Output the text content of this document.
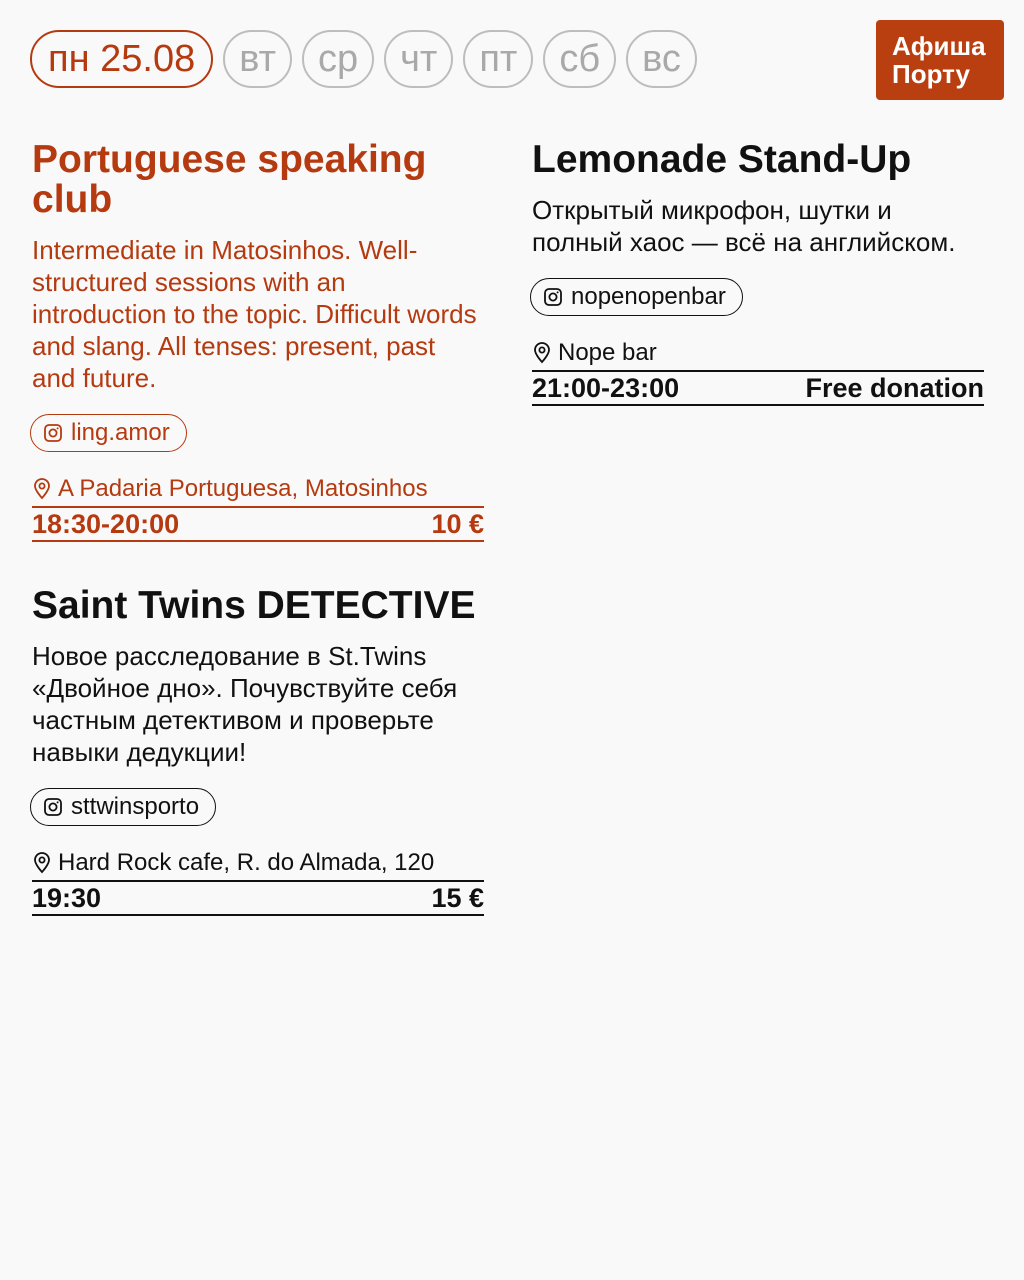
пн 25.08	вт	ср	чт	пт	сб	вс	Афиша
Порту
Portuguese speaking club

Intermediate in Matosinhos. Well-structured sessions with an introduction to the topic. Difficult words and slang. All tenses: present, past and future.

ling.amor
A Padaria Portuguesa, Matosinhos
18:30-20:00	10 €
Lemonade Stand-Up

Открытый микрофон, шутки и полный хаос — всё на английском.

nopenopenbar
Nope bar
21:00-23:00	Free donation
Saint Twins DETECTIVE

Новое расследование в St.Twins «Двойное дно». Почувствуйте себя частным детективом и проверьте навыки дедукции!

sttwinsporto
Hard Rock cafe, R. do Almada, 120
19:30	15 €
